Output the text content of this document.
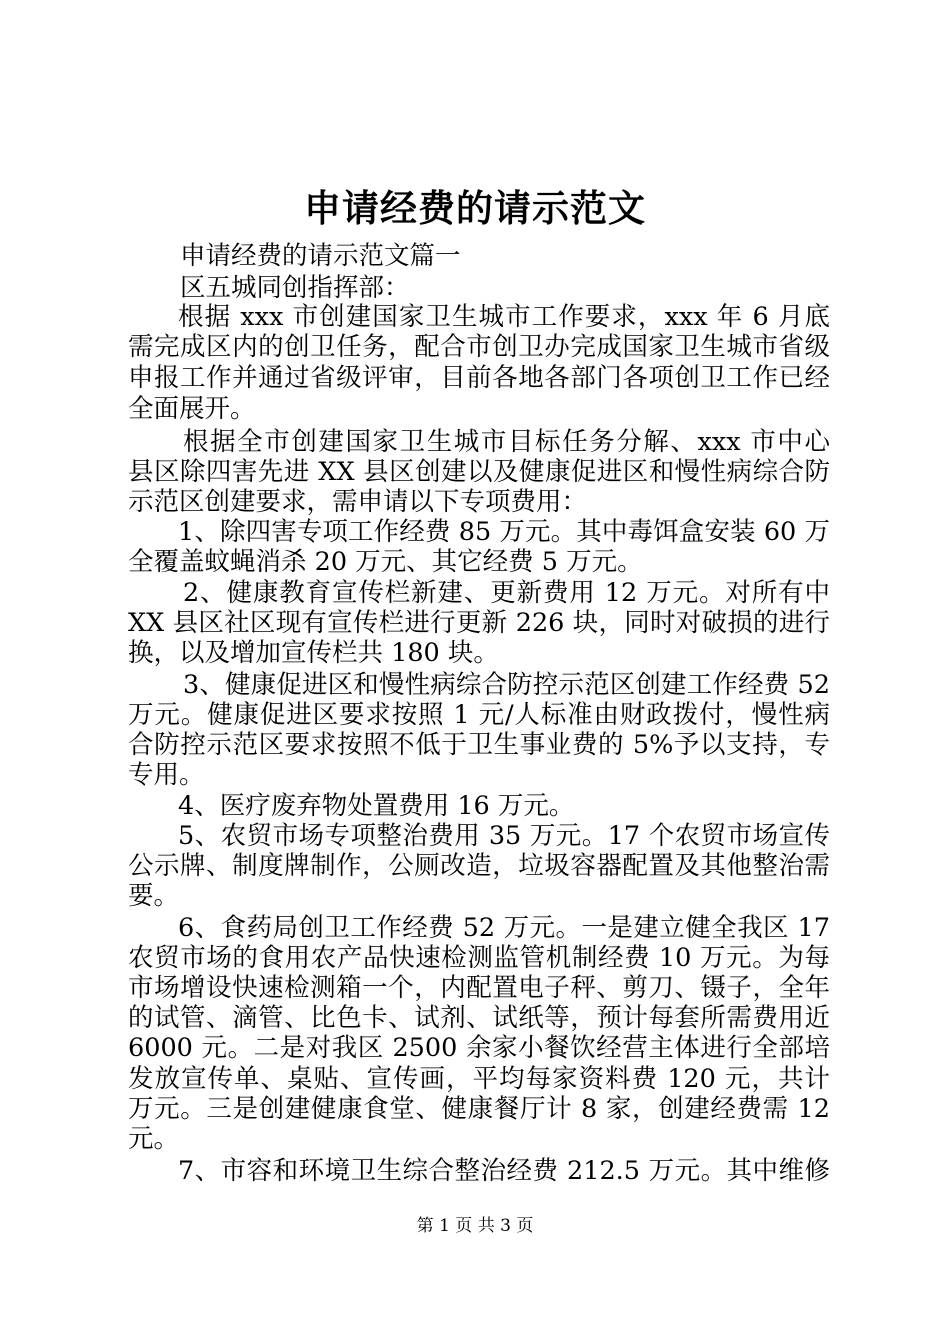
申请经费的请示范文
申请经费的请示范文篇一
区五城同创指挥部：
根据 xxx 市创建国家卫生城市工作要求，xxx 年 6 月底
需完成区内的创卫任务，配合市创卫办完成国家卫生城市省级
申报工作并通过省级评审，目前各地各部门各项创卫工作已经
全面展开。
根据全市创建国家卫生城市目标任务分解、xxx 市中心
县区除四害先进 XX 县区创建以及健康促进区和慢性病综合防
示范区创建要求，需申请以下专项费用：
1、除四害专项工作经费 85 万元。其中毒饵盒安装 60 万
全覆盖蚊蝇消杀 20 万元、其它经费 5 万元。
2、健康教育宣传栏新建、更新费用 12 万元。对所有中
XX 县区社区现有宣传栏进行更新 226 块，同时对破损的进行
换，以及增加宣传栏共 180 块。
3、健康促进区和慢性病综合防控示范区创建工作经费 52
万元。健康促进区要求按照 1 元/人标准由财政拨付，慢性病
合防控示范区要求按照不低于卫生事业费的 5%予以支持，专
专用。
4、医疗废弃物处置费用 16 万元。
5、农贸市场专项整治费用 35 万元。17 个农贸市场宣传
公示牌、制度牌制作，公厕改造，垃圾容器配置及其他整治需
要。
6、食药局创卫工作经费 52 万元。一是建立健全我区 17
农贸市场的食用农产品快速检测监管机制经费 10 万元。为每
市场增设快速检测箱一个，内配置电子秤、剪刀、镊子，全年
的试管、滴管、比色卡、试剂、试纸等，预计每套所需费用近
6000 元。二是对我区 2500 余家小餐饮经营主体进行全部培
发放宣传单、桌贴、宣传画，平均每家资料费 120 元，共计
万元。三是创建健康食堂、健康餐厅计 8 家，创建经费需 12
元。
7、市容和环境卫生综合整治经费 212.5 万元。其中维修
第 1 页 共 3 页
